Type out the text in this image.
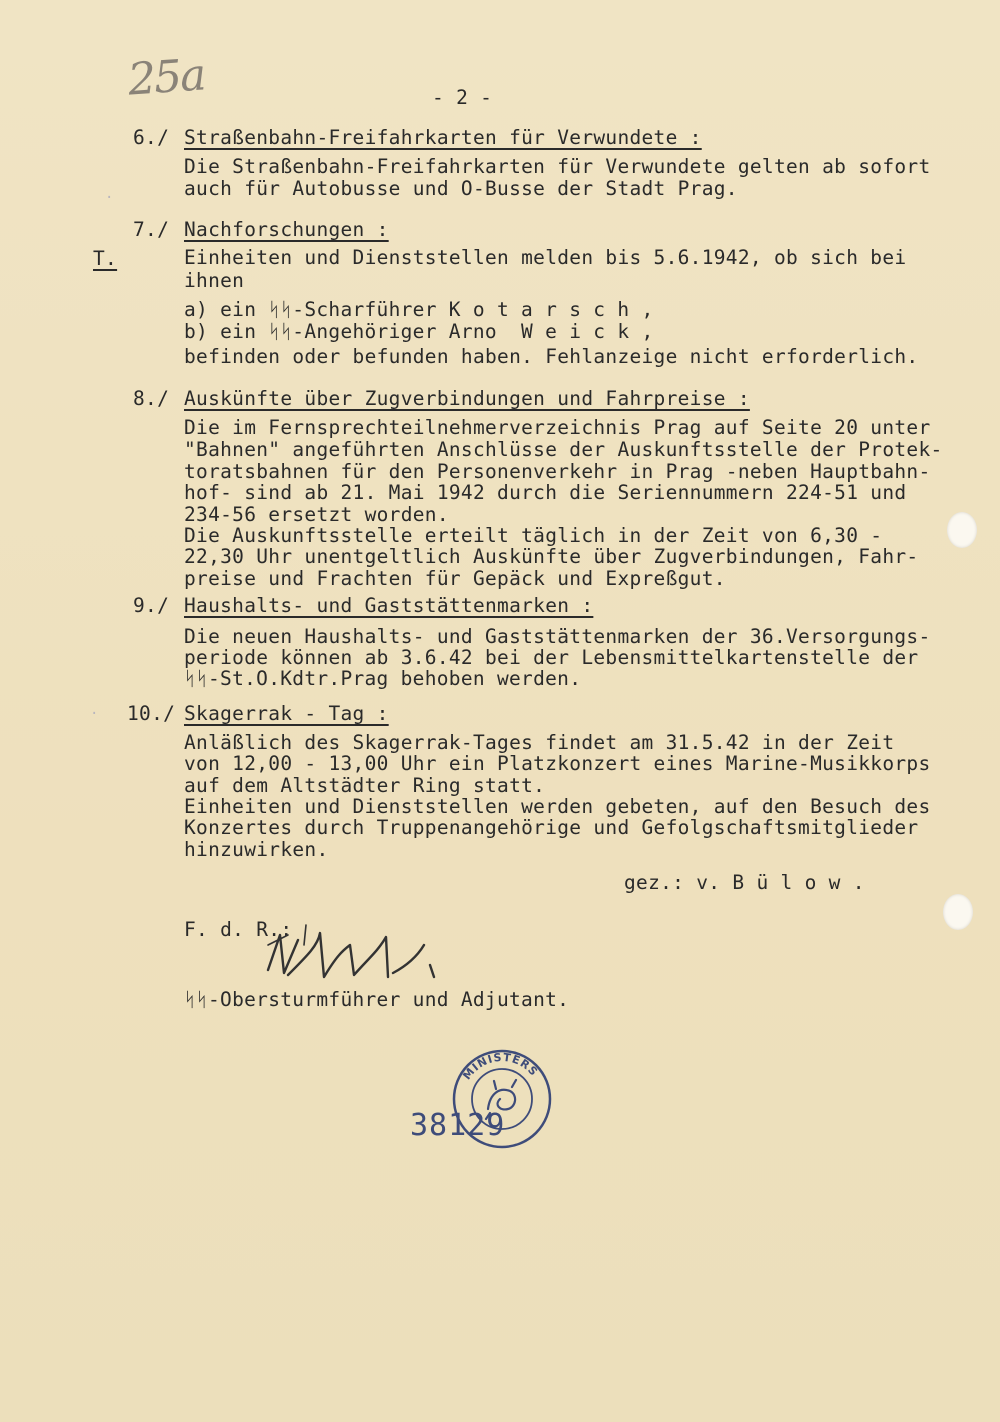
25a	- 2 -
6./ Straßenbahn-Freifahrkarten für Verwundete :
Die Straßenbahn-Freifahrkarten für Verwundete gelten ab sofort
auch für Autobusse und O-Busse der Stadt Prag.
7./ Nachforschungen :
T.	Einheiten und Dienststellen melden bis 5.6.1942, ob sich bei
ihnen
a) ein ᛋᛋ-Scharführer K o t a r s c h ,
b) ein ᛋᛋ-Angehöriger Arno  W e i c k ,
befinden oder befunden haben. Fehlanzeige nicht erforderlich.
8./ Auskünfte über Zugverbindungen und Fahrpreise :
Die im Fernsprechteilnehmerverzeichnis Prag auf Seite 20 unter
"Bahnen" angeführten Anschlüsse der Auskunftsstelle der Protek-
toratsbahnen für den Personenverkehr in Prag -neben Hauptbahn-
hof- sind ab 21. Mai 1942 durch die Seriennummern 224-51 und
234-56 ersetzt worden.
Die Auskunftsstelle erteilt täglich in der Zeit von 6,30 -
22,30 Uhr unentgeltlich Auskünfte über Zugverbindungen, Fahr-
preise und Frachten für Gepäck und Expreßgut.
9./ Haushalts- und Gaststättenmarken :
Die neuen Haushalts- und Gaststättenmarken der 36.Versorgungs-
periode können ab 3.6.42 bei der Lebensmittelkartenstelle der
ᛋᛋ-St.O.Kdtr.Prag behoben werden.
10./ Skagerrak - Tag :
Anläßlich des Skagerrak-Tages findet am 31.5.42 in der Zeit
von 12,00 - 13,00 Uhr ein Platzkonzert eines Marine-Musikkorps
auf dem Altstädter Ring statt.
Einheiten und Dienststellen werden gebeten, auf den Besuch des
Konzertes durch Truppenangehörige und Gefolgschaftsmitglieder
hinzuwirken.
gez.: v. B ü l o w .
F. d. R.:
ᛋᛋ-Obersturmführer und Adjutant.
MINISTERS
38129
·
·
